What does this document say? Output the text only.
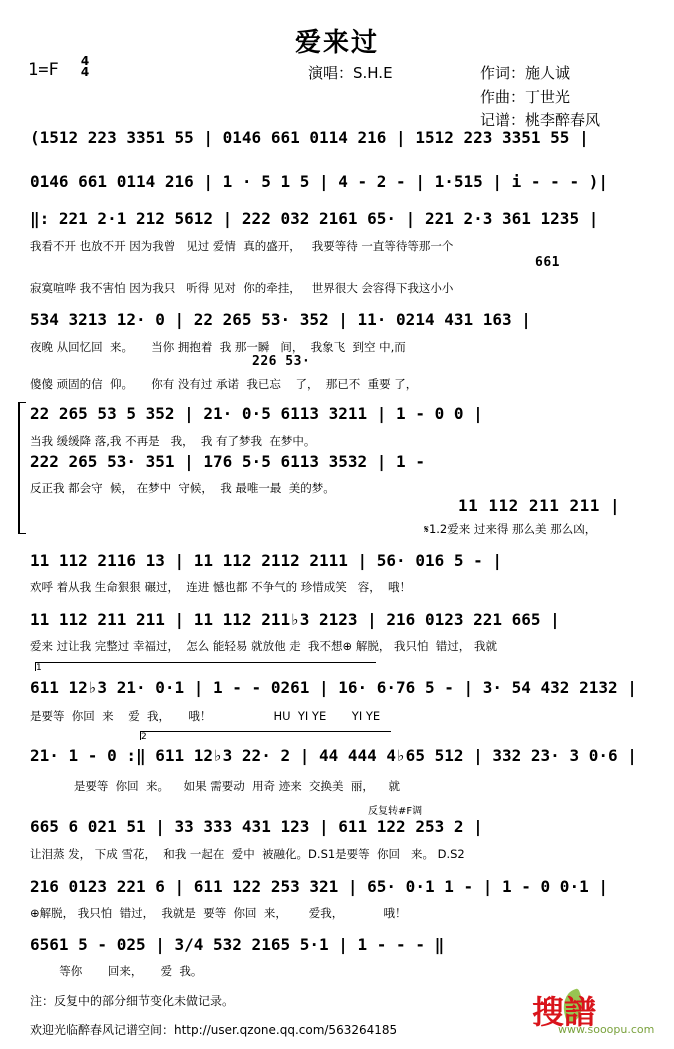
爱来过
1=F 4
4	演唱：S.H.E	作词：施人诚
作曲：丁世光
记谱：桃李醉春风
(1512 223 3351 55 | 0146 661 0114 216 | 1512 223 3351 55 |
0146 661 0114 216 | 1 · 5 1 5 | 4 - 2 - | 1·515 | i - - - )|
‖: 221 2·1 212 5612 | 222 032 2161 65· | 221 2·3 361 1235 |
我看不开 也放不开 因为我曾   见过 爱情  真的盛开，   我要等待 一直等待等那一个
661
寂寞喧哗 我不害怕 因为我只   听得 见对  你的牵挂，   世界很大 会容得下我这小小
534 3213 12· 0 | 22 265 53· 352 | 11· 0214 431 163 |
夜晚 从回忆回  来。     当你 拥抱着  我 那一瞬   间，  我象飞  到空 中,而
226 53·
傻傻 顽固的信  仰。     你有 没有过 承诺  我已忘    了，  那已不  重要 了，
22 265 53 5 352 | 21· 0·5 6113 3211 | 1 - 0 0 |
当我 缓缓降 落,我 不再是   我，  我 有了梦我  在梦中。
222 265 53· 351 | 176 5·5 6113 3532 | 1 -
反正我 都会守  候， 在梦中  守候，  我 最唯一最  美的梦。
11 112 211 211 |
𝄋1.2爱来 过来得 那么美 那么凶，
11 112 2116 13 | 11 112 2112 2111 | 56· 016 5 - |
欢呼 着从我 生命狠狠 碾过，  连进 憾也都 不争气的 珍惜成笑   容，  哦！
11 112 211 211 | 11 112 211♭3 2123 | 216 0123 221 665 |
爱来 过让我 完整过 幸福过，  怎么 能轻易 就放他 走  我不想⊕ 解脱， 我只怕  错过， 我就
1
611 12♭3 21· 0·1 | 1 - - 0261 | 16· 6·76 5 - | 3· 54 432 2132 |
是要等  你回  来    爱  我，     哦！                 HU  YI YE       YI YE
2
21· 1 - 0 :‖ 611 12♭3 22· 2 | 44 444 4♭65 512 | 332 23· 3 0·6 |
是要等  你回  来。    如果 需要动  用奇 迹来  交换美  丽，    就
反复转#F调
665 6 021 51 | 33 333 431 123 | 611 122 253 2 |
让泪蒸 发， 下成 雪花，  和我 一起在  爱中  被融化。D.S1是要等  你回   来。 D.S2
216 0123 221 6 | 611 122 253 321 | 65· 0·1 1 - | 1 - 0 0·1 |
⊕解脱， 我只怕  错过，  我就是  要等  你回  来，      爱我，           哦！
6561 5 - 025 | 3/4 532 2165 5·1 | 1 - - - ‖
等你       回来，     爱  我。
注：反复中的部分细节变化未做记录。
欢迎光临醉春风记谱空间：http://user.qzone.qq.com/563264185	搜譜
www.sooopu.com
